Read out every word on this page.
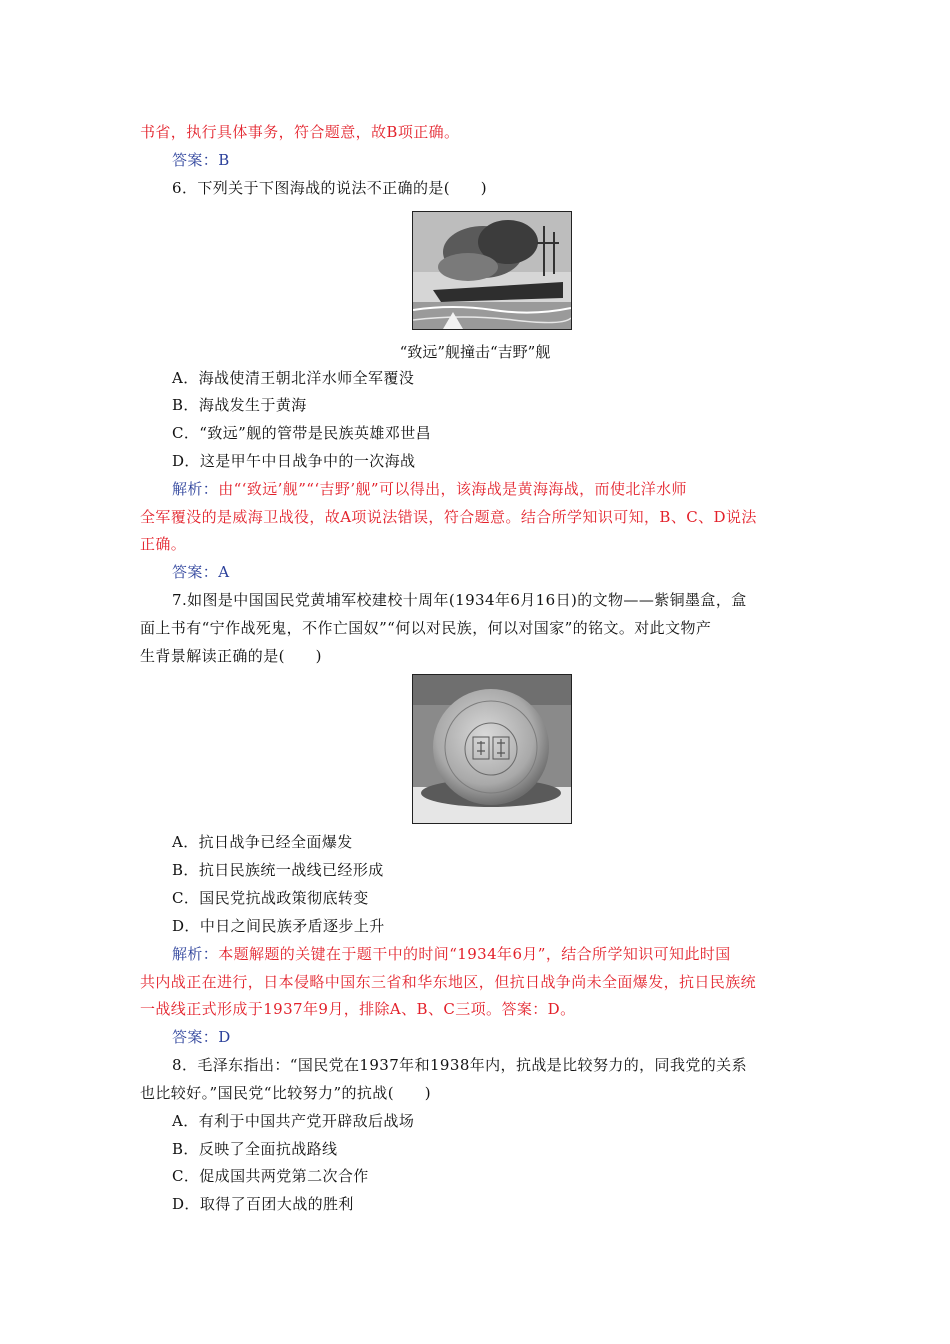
书省，执行具体事务，符合题意，故B项正确。
答案：B
6．下列关于下图海战的说法不正确的是(　　)
“致远”舰撞击“吉野”舰
A．海战使清王朝北洋水师全军覆没
B．海战发生于黄海
C．“致远”舰的管带是民族英雄邓世昌
D．这是甲午中日战争中的一次海战
解析：由“‘致远’舰”“‘吉野’舰”可以得出，该海战是黄海海战，而使北洋水师
全军覆没的是威海卫战役，故A项说法错误，符合题意。结合所学知识可知，B、C、D说法
正确。
答案：A
7.如图是中国国民党黄埔军校建校十周年(1934年6月16日)的文物——紫铜墨盒，盒
面上书有“宁作战死鬼，不作亡国奴”“何以对民族，何以对国家”的铭文。对此文物产
生背景解读正确的是(　　)
A．抗日战争已经全面爆发
B．抗日民族统一战线已经形成
C．国民党抗战政策彻底转变
D．中日之间民族矛盾逐步上升
解析：本题解题的关键在于题干中的时间“1934年6月”，结合所学知识可知此时国
共内战正在进行，日本侵略中国东三省和华东地区，但抗日战争尚未全面爆发，抗日民族统
一战线正式形成于1937年9月，排除A、B、C三项。答案：D。
答案：D
8．毛泽东指出：“国民党在1937年和1938年内，抗战是比较努力的，同我党的关系
也比较好。”国民党“比较努力”的抗战(　　)
A．有利于中国共产党开辟敌后战场
B．反映了全面抗战路线
C．促成国共两党第二次合作
D．取得了百团大战的胜利
